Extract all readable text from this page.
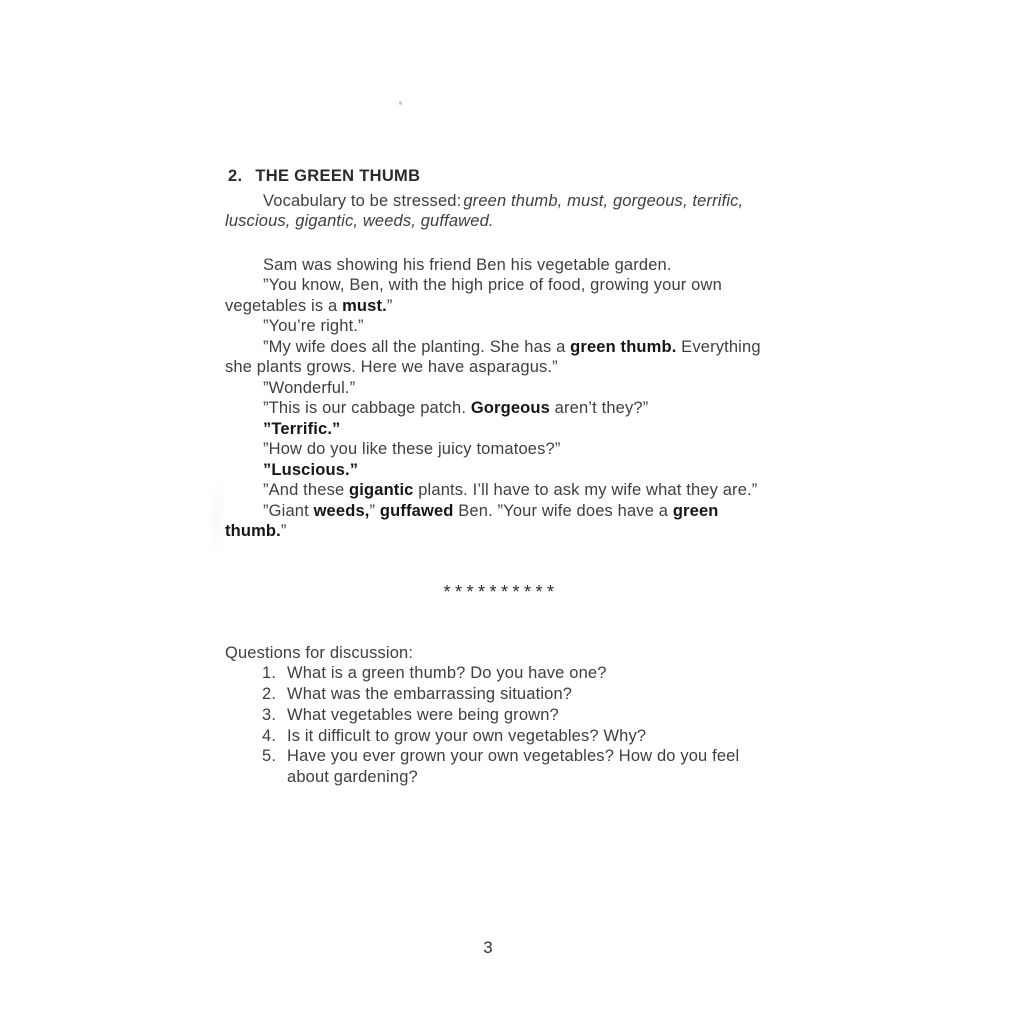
2. THE GREEN THUMB

Vocabulary to be stressed: green thumb, must, gorgeous, terrific, luscious, gigantic, weeds, guffawed.

Sam was showing his friend Ben his vegetable garden.

”You know, Ben, with the high price of food, growing your own vegetables is a must.”

”You’re right.”

”My wife does all the planting. She has a green thumb. Everything she plants grows. Here we have asparagus.”

”Wonderful.”

”This is our cabbage patch. Gorgeous aren’t they?”

”Terrific.”

”How do you like these juicy tomatoes?”

”Luscious.”

”And these gigantic plants. I’ll have to ask my wife what they are.”

”Giant weeds,” guffawed Ben. ”Your wife does have a green thumb.”

**********

Questions for discussion:

1. What is a green thumb? Do you have one?
2. What was the embarrassing situation?
3. What vegetables were being grown?
4. Is it difficult to grow your own vegetables? Why?
5. Have you ever grown your own vegetables? How do you feel about gardening?
3
